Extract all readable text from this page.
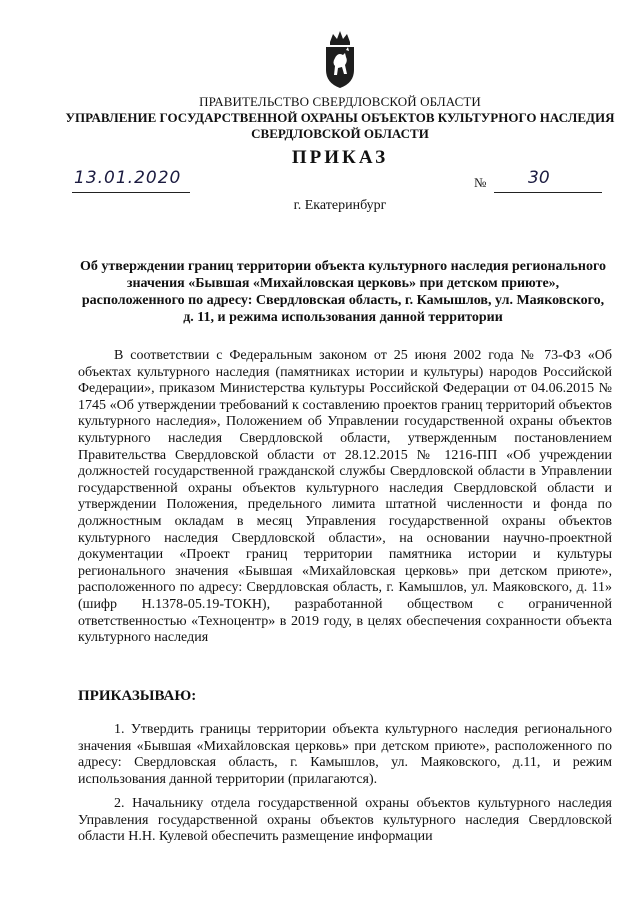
ПРАВИТЕЛЬСТВО СВЕРДЛОВСКОЙ ОБЛАСТИ
УПРАВЛЕНИЕ ГОСУДАРСТВЕННОЙ ОХРАНЫ ОБЪЕКТОВ КУЛЬТУРНОГО НАСЛЕДИЯ СВЕРДЛОВСКОЙ ОБЛАСТИ
ПРИКАЗ
13.01.2020	№ 30
г. Екатеринбург
Об утверждении границ территории объекта культурного наследия регионального значения «Бывшая «Михайловская церковь» при детском приюте», расположенного по адресу: Свердловская область, г. Камышлов, ул. Маяковского, д. 11, и режима использования данной территории
В соответствии с Федеральным законом от 25 июня 2002 года № 73-ФЗ «Об объектах культурного наследия (памятниках истории и культуры) народов Российской Федерации», приказом Министерства культуры Российской Федерации от 04.06.2015 № 1745 «Об утверждении требований к составлению проектов границ территорий объектов культурного наследия», Положением об Управлении государственной охраны объектов культурного наследия Свердловской области, утвержденным постановлением Правительства Свердловской области от 28.12.2015 № 1216-ПП «Об учреждении должностей государственной гражданской службы Свердловской области в Управлении государственной охраны объектов культурного наследия Свердловской области и утверждении Положения, предельного лимита штатной численности и фонда по должностным окладам в месяц Управления государственной охраны объектов культурного наследия Свердловской области», на основании научно-проектной документации «Проект границ территории памятника истории и культуры регионального значения «Бывшая «Михайловская церковь» при детском приюте», расположенного по адресу: Свердловская область, г. Камышлов, ул. Маяковского, д. 11» (шифр Н.1378-05.19-ТОКН), разработанной обществом с ограниченной ответственностью «Техноцентр» в 2019 году, в целях обеспечения сохранности объекта культурного наследия
ПРИКАЗЫВАЮ:
1. Утвердить границы территории объекта культурного наследия регионального значения «Бывшая «Михайловская церковь» при детском приюте», расположенного по адресу: Свердловская область, г. Камышлов, ул. Маяковского, д.11, и режим использования данной территории (прилагаются).
2. Начальнику отдела государственной охраны объектов культурного наследия Управления государственной охраны объектов культурного наследия Свердловской области Н.Н. Кулевой обеспечить размещение информации
